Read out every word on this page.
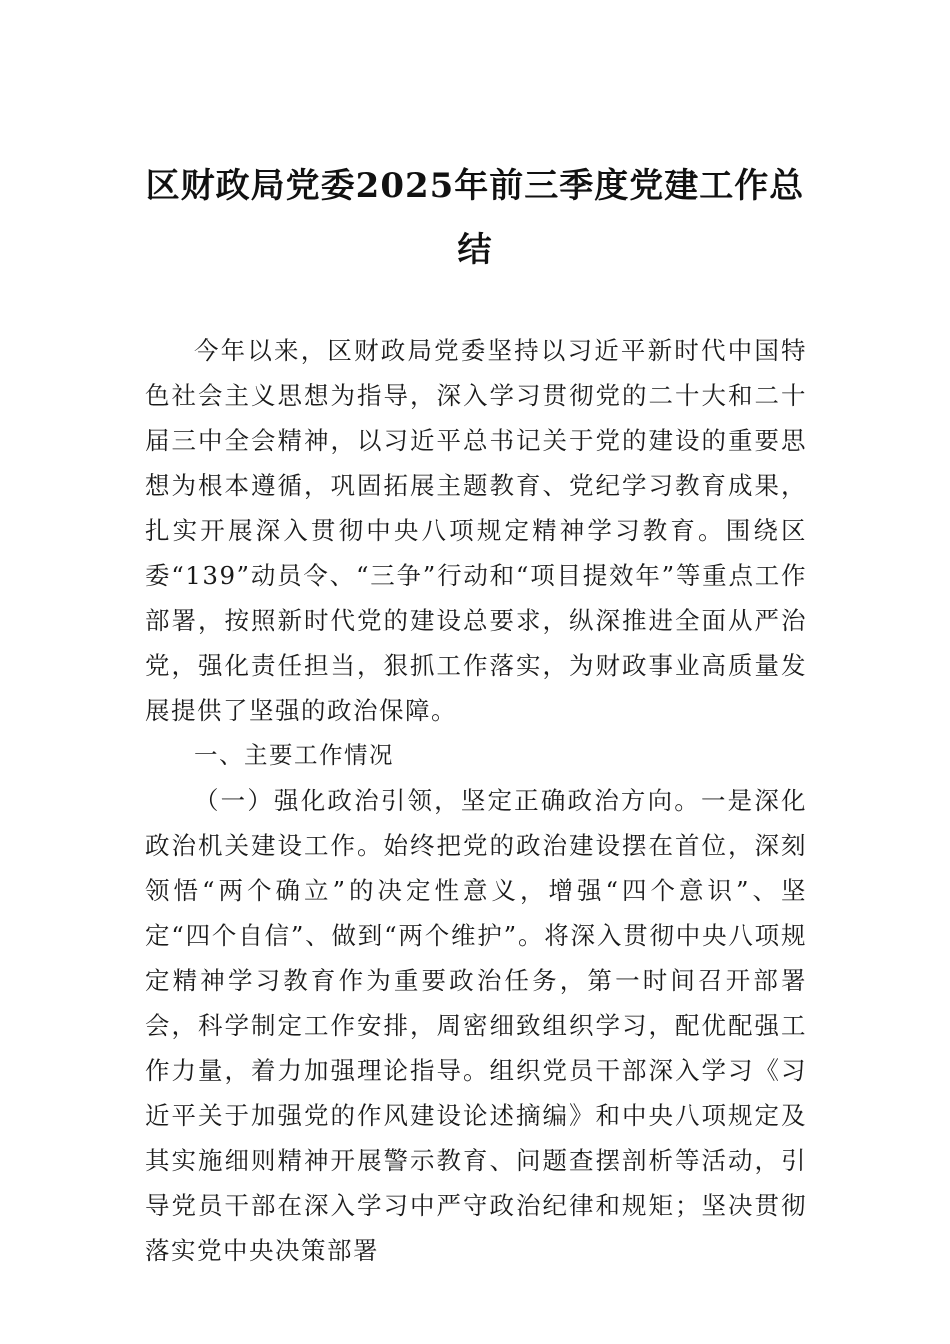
区财政局党委2025年前三季度党建工作总结

今年以来，区财政局党委坚持以习近平新时代中国特色社会主义思想为指导，深入学习贯彻党的二十大和二十届三中全会精神，以习近平总书记关于党的建设的重要思想为根本遵循，巩固拓展主题教育、党纪学习教育成果，扎实开展深入贯彻中央八项规定精神学习教育。围绕区委“139”动员令、“三争”行动和“项目提效年”等重点工作部署，按照新时代党的建设总要求，纵深推进全面从严治党，强化责任担当，狠抓工作落实，为财政事业高质量发展提供了坚强的政治保障。

一、主要工作情况

（一）强化政治引领，坚定正确政治方向。一是深化政治机关建设工作。始终把党的政治建设摆在首位，深刻领悟“两个确立”的决定性意义，增强“四个意识”、坚定“四个自信”、做到“两个维护”。将深入贯彻中央八项规定精神学习教育作为重要政治任务，第一时间召开部署会，科学制定工作安排，周密细致组织学习，配优配强工作力量，着力加强理论指导。组织党员干部深入学习《习近平关于加强党的作风建设论述摘编》和中央八项规定及其实施细则精神开展警示教育、问题查摆剖析等活动，引导党员干部在深入学习中严守政治纪律和规矩；坚决贯彻落实党中央决策部署
